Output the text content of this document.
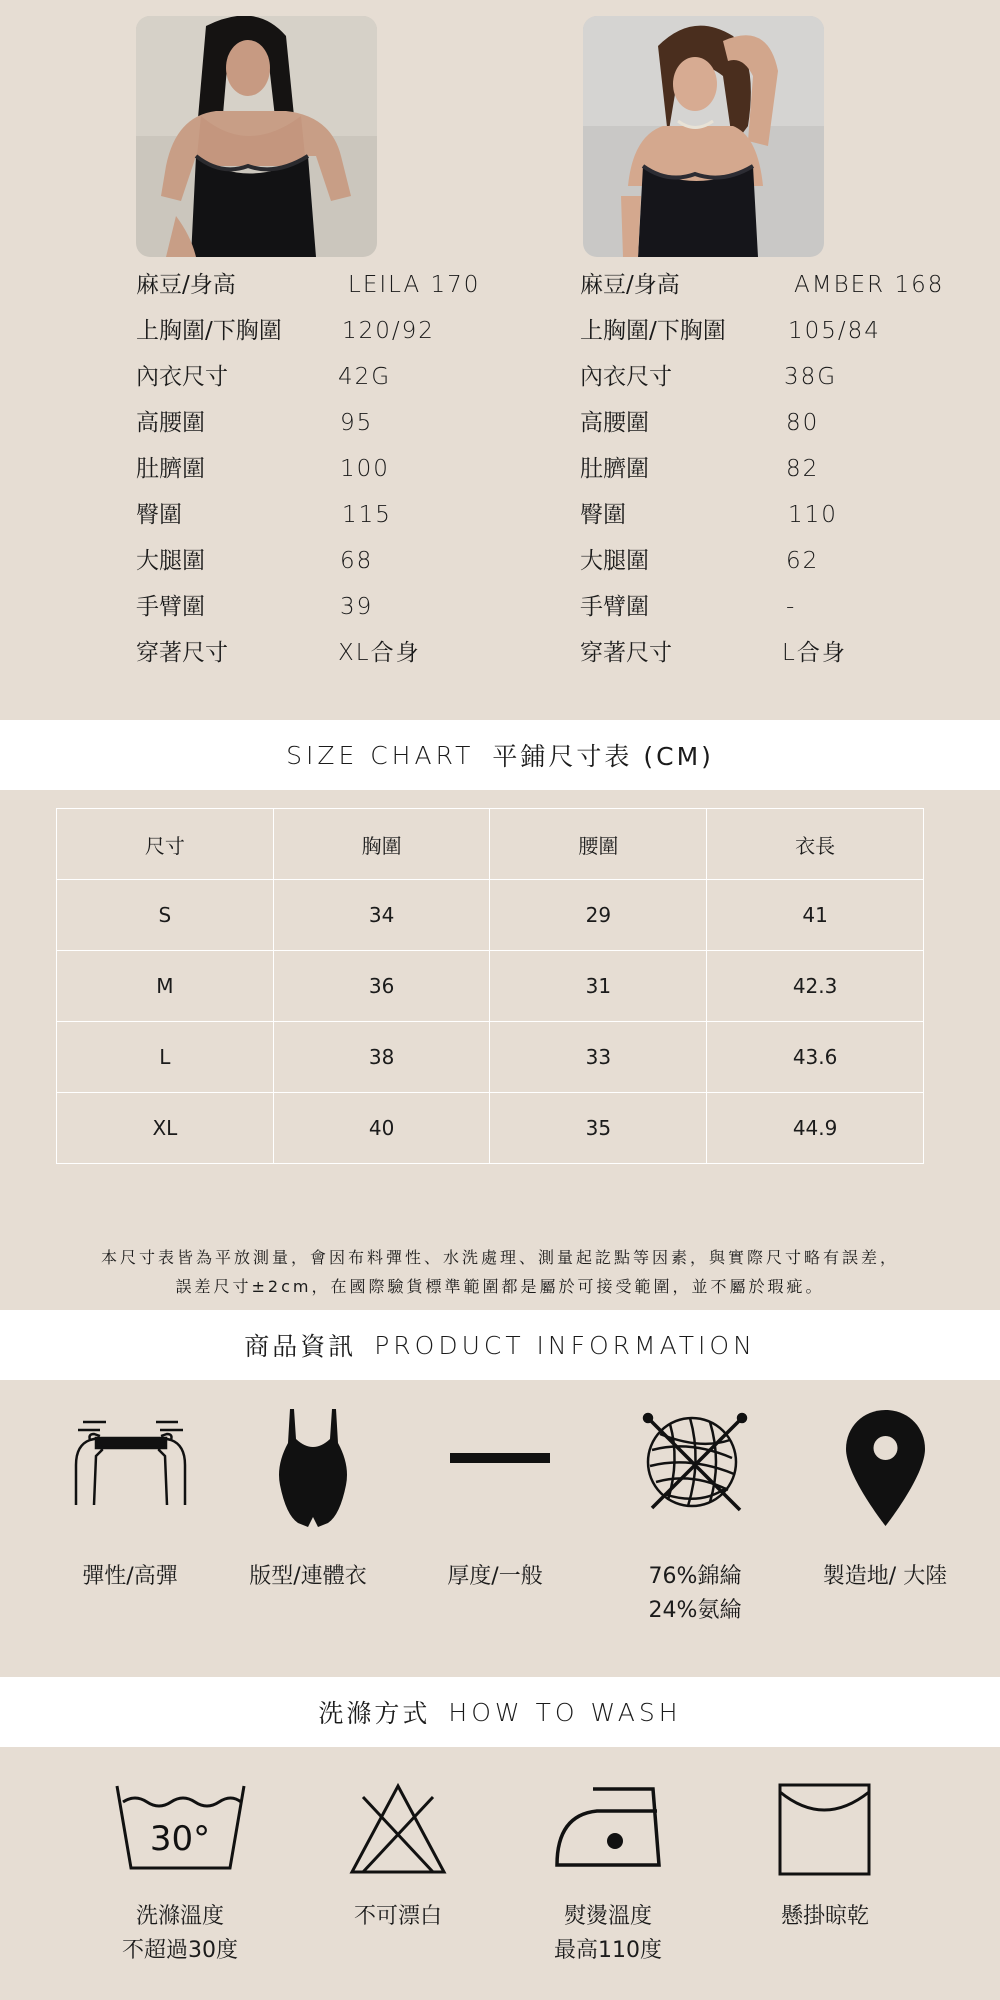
麻豆/身高	LEILA 170
上胸圍/下胸圍	120/92
內衣尺寸	42G
高腰圍	95
肚臍圍	100
臀圍	115
大腿圍	68
手臂圍	39
穿著尺寸	XL合身
麻豆/身高	AMBER 168
上胸圍/下胸圍	105/84
內衣尺寸	38G
高腰圍	80
肚臍圍	82
臀圍	110
大腿圍	62
手臂圍	-
穿著尺寸	L合身
SIZE CHART 平鋪尺寸表 (CM)
尺寸	胸圍	腰圍	衣長
S	34	29	41
M	36	31	42.3
L	38	33	43.6
XL	40	35	44.9
本尺寸表皆為平放測量，會因布料彈性、水洗處理、測量起訖點等因素，與實際尺寸略有誤差，
誤差尺寸±2cm，在國際驗貨標準範圍都是屬於可接受範圍，並不屬於瑕疵。
商品資訊 PRODUCT INFORMATION
彈性/高彈	版型/連體衣	厚度/一般	76%錦綸
24%氨綸
製造地/ 大陸
洗滌方式 HOW TO WASH
30°
洗滌溫度
不超過30度
不可漂白	熨燙溫度
最高110度
懸掛晾乾
